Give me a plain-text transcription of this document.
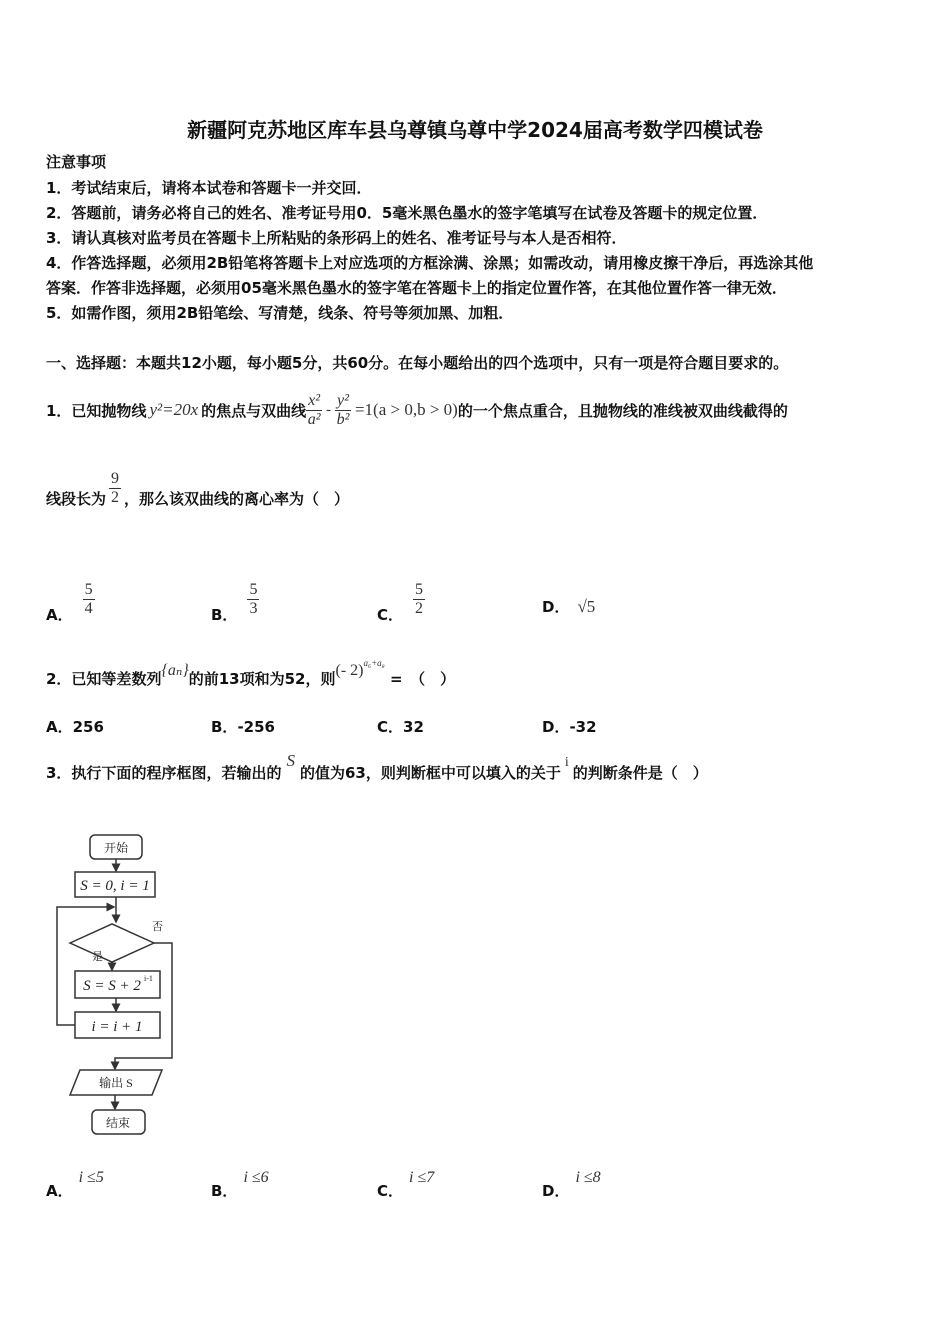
新疆阿克苏地区库车县乌尊镇乌尊中学2024届高考数学四模试卷
注意事项
1．考试结束后，请将本试卷和答题卡一并交回．
2．答题前，请务必将自己的姓名、准考证号用0．5毫米黑色墨水的签字笔填写在试卷及答题卡的规定位置．
3．请认真核对监考员在答题卡上所粘贴的条形码上的姓名、准考证号与本人是否相符．
4．作答选择题，必须用2B铅笔将答题卡上对应选项的方框涂满、涂黑；如需改动，请用橡皮擦干净后，再选涂其他
答案．作答非选择题，必须用05毫米黑色墨水的签字笔在答题卡上的指定位置作答，在其他位置作答一律无效．
5．如需作图，须用2B铅笔绘、写清楚，线条、符号等须加黑、加粗．
一、选择题：本题共12小题，每小题5分，共60分。在每小题给出的四个选项中，只有一项是符合题目要求的。
1．已知抛物线 y²=20x 的焦点与双曲线 $\frac{\text{x²}}{\text{a²}} - \frac{\text{y²}}{\text{b²}} =1(a > 0,b > 0)$ 的一个焦点重合，且抛物线的准线被双曲线截得的
线段长为 $\frac{9}{2}$ ，那么该双曲线的离心率为（　）
A． $\frac{5}{4}$	B． $\frac{5}{3}$	C． $\frac{5}{2}$	D． √5
2．已知等差数列{aₙ}的前13项和为52，则(- 2)$^{a_6+a_8}$ =　（　）
A．256	B．-256	C．32	D．-32
3．执行下面的程序框图，若输出的S的值为63，则判断框中可以填入的关于i的判断条件是（　）
开始
S = 0, i = 1
是
否
S = S + 2 i-1
i = i + 1
输出 S
结束
A．i ≤5
B．i ≤6
C．i ≤7
D．i ≤8
